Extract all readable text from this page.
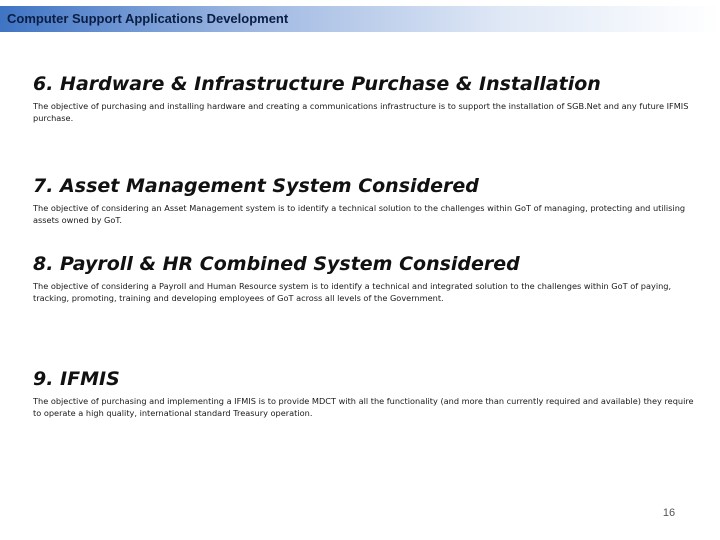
Computer Support Applications Development
6. Hardware & Infrastructure Purchase & Installation

The objective of purchasing and installing hardware and creating a communications infrastructure is to support the installation of SGB.Net and any future IFMIS purchase.

7. Asset Management System Considered

The objective of considering an Asset Management system is to identify a technical solution to the challenges within GoT of managing, protecting and utilising assets owned by GoT.

8. Payroll & HR Combined System Considered

The objective of considering a Payroll and Human Resource system is to identify a technical and integrated solution to the challenges within GoT of paying, tracking, promoting, training and developing employees of GoT across all levels of the Government.

9. IFMIS

The objective of purchasing and implementing a IFMIS is to provide MDCT with all the functionality (and more than currently required and available) they require to operate a high quality, international standard Treasury operation.

16
